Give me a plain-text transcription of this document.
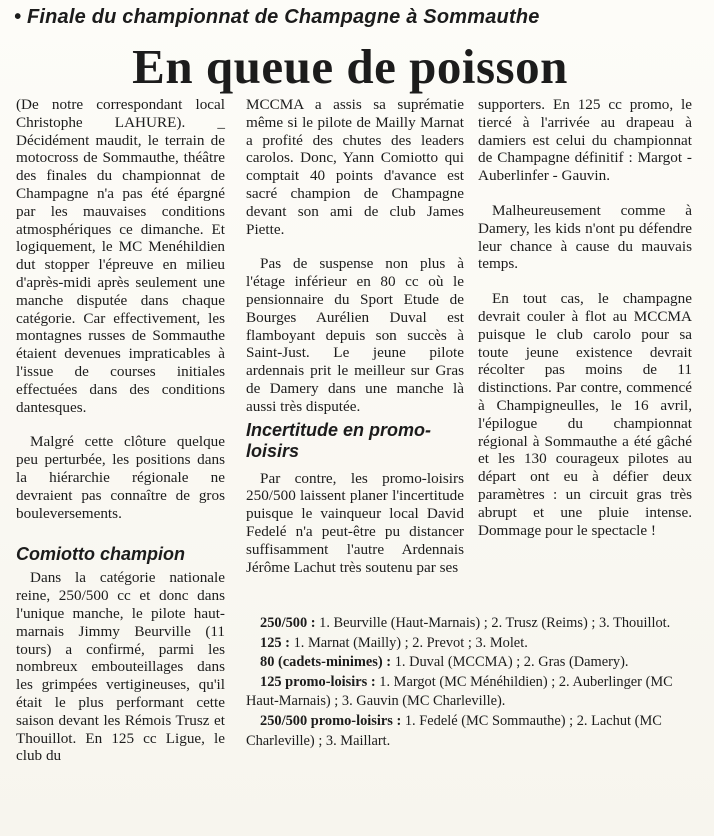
• Finale du championnat de Champagne à Sommauthe
En queue de poisson

(De notre correspondant local Christophe LAHURE). _ Décidément maudit, le terrain de motocross de Sommauthe, théâtre des finales du championnat de Champagne n'a pas été épargné par les mauvaises conditions atmosphériques ce dimanche. Et logiquement, le MC Menéhildien dut stopper l'épreuve en milieu d'après-midi après seulement une manche disputée dans chaque catégorie. Car effectivement, les montagnes russes de Sommauthe étaient devenues impraticables à l'issue de courses initiales effectuées dans des conditions dantesques.

Malgré cette clôture quelque peu perturbée, les positions dans la hiérarchie régionale ne devraient pas connaître de gros bouleversements.

Comiotto champion

Dans la catégorie nationale reine, 250/500 cc et donc dans l'unique manche, le pilote haut-marnais Jimmy Beurville (11 tours) a confirmé, parmi les nombreux embouteillages dans les grimpées vertigineuses, qu'il était le plus performant cette saison devant les Rémois Trusz et Thouillot. En 125 cc Ligue, le club du

MCCMA a assis sa suprématie même si le pilote de Mailly Marnat a profité des chutes des leaders carolos. Donc, Yann Comiotto qui comptait 40 points d'avance est sacré champion de Champagne devant son ami de club James Piette.

Pas de suspense non plus à l'étage inférieur en 80 cc où le pensionnaire du Sport Etude de Bourges Aurélien Duval est flamboyant depuis son succès à Saint-Just. Le jeune pilote ardennais prit le meilleur sur Gras de Damery dans une manche là aussi très disputée.

Incertitude en promo-loisirs

Par contre, les promo-loisirs 250/500 laissent planer l'incertitude puisque le vainqueur local David Fedelé n'a peut-être pu distancer suffisamment l'autre Ardennais Jérôme Lachut très soutenu par ses

supporters. En 125 cc promo, le tiercé à l'arrivée au drapeau à damiers est celui du championnat de Champagne définitif : Margot - Auberlinfer - Gauvin.

Malheureusement comme à Damery, les kids n'ont pu défendre leur chance à cause du mauvais temps.

En tout cas, le champagne devrait couler à flot au MCCMA puisque le club carolo pour sa toute jeune existence devrait récolter pas moins de 11 distinctions. Par contre, commencé à Champigneulles, le 16 avril, l'épilogue du championnat régional à Sommauthe a été gâché et les 130 courageux pilotes au départ ont eu à défier deux paramètres : un circuit gras très abrupt et une pluie intense. Dommage pour le spectacle !

250/500 : 1. Beurville (Haut-Marnais) ; 2. Trusz (Reims) ; 3. Thouillot.

125 : 1. Marnat (Mailly) ; 2. Prevot ; 3. Molet.

80 (cadets-minimes) : 1. Duval (MCCMA) ; 2. Gras (Damery).

125 promo-loisirs : 1. Margot (MC Ménéhildien) ; 2. Auberlinger (MC Haut-Marnais) ; 3. Gauvin (MC Charleville).

250/500 promo-loisirs : 1. Fedelé (MC Sommauthe) ; 2. Lachut (MC Charleville) ; 3. Maillart.
